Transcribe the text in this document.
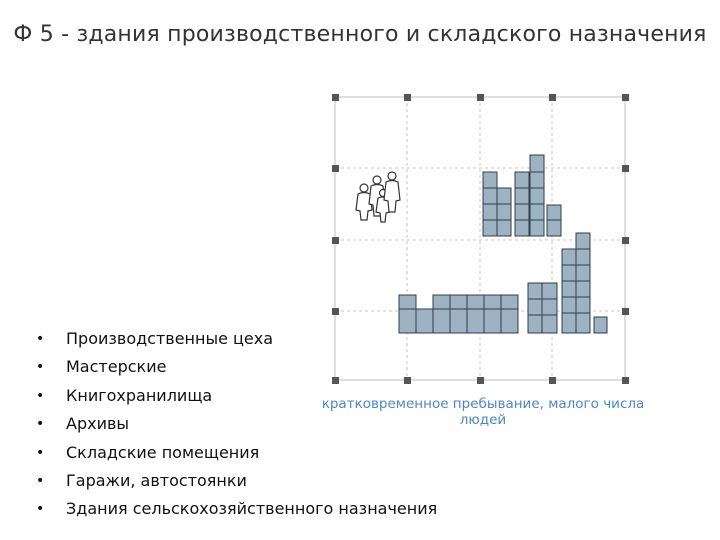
Ф 5 - здания производственного и складского назначения
• Производственные цеха
• Мастерские
• Книгохранилища
• Архивы
• Складские помещения
• Гаражи, автостоянки
• Здания сельскохозяйственного назначения
кратковременное пребывание, малого числа людей
